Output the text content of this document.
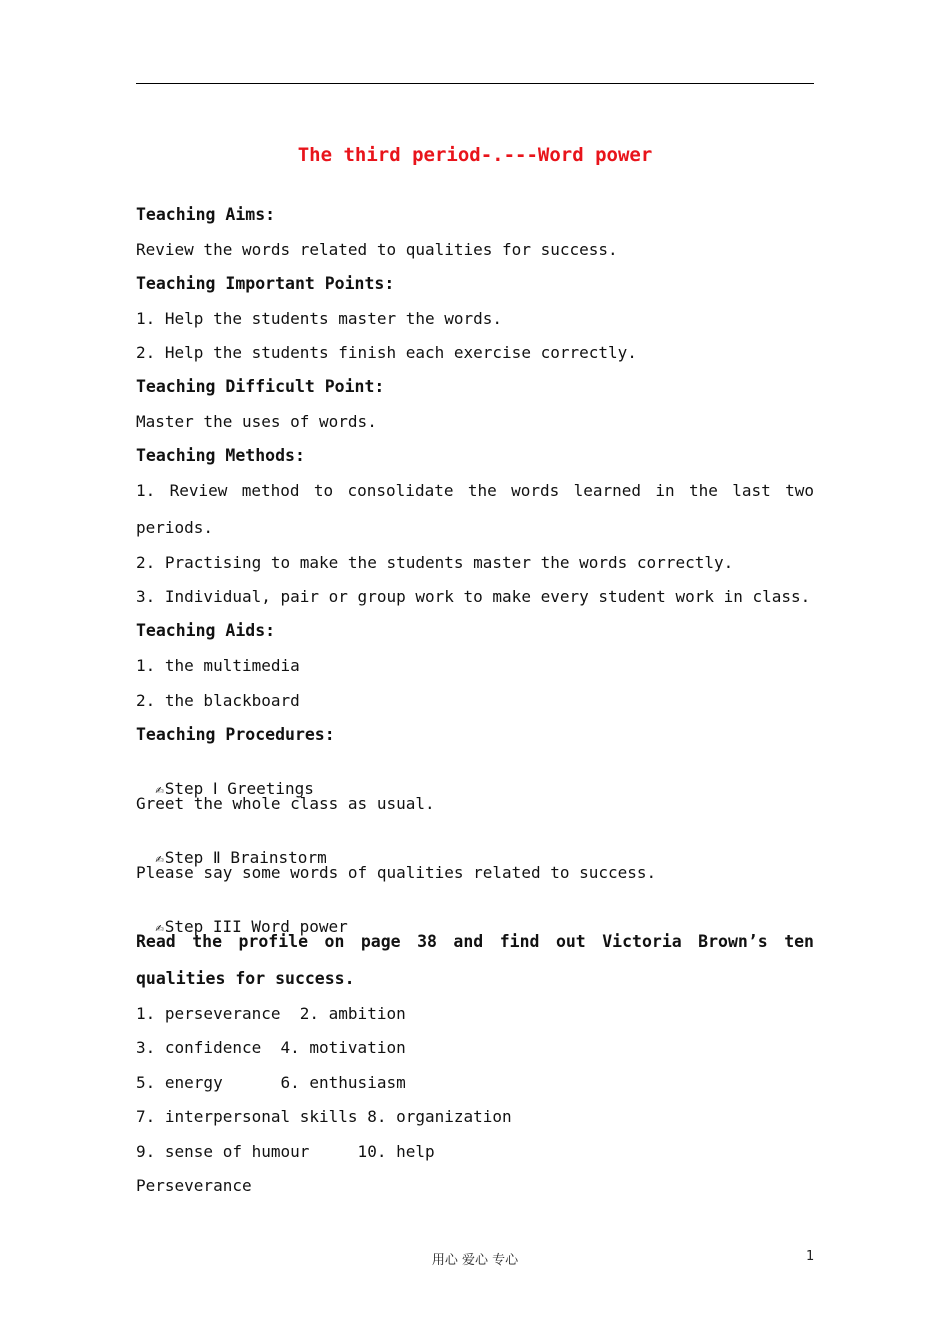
The third period-.---Word power
Teaching Aims:
Review the words related to qualities for success.
Teaching Important Points:
1. Help the students master the words.
2. Help the students finish each exercise correctly.
Teaching Difficult Point:
Master the uses of words.
Teaching Methods:
1. Review method to consolidate the words learned in the last two
periods.
2. Practising to make the students master the words correctly.
3. Individual, pair or group work to make every student work in class.
Teaching Aids:
1. the multimedia
2. the blackboard
Teaching Procedures:

✍Step Ⅰ Greetings

Greet the whole class as usual.

✍Step Ⅱ Brainstorm

Please say some words of qualities related to success.

✍Step III Word power

Read the profile on page 38 and find out Victoria Brown’s ten
qualities for success.
1. perseverance  2. ambition
3. confidence  4. motivation
5. energy      6. enthusiasm
7. interpersonal skills 8. organization
9. sense of humour     10. help
Perseverance
用心 爱心 专心	1
